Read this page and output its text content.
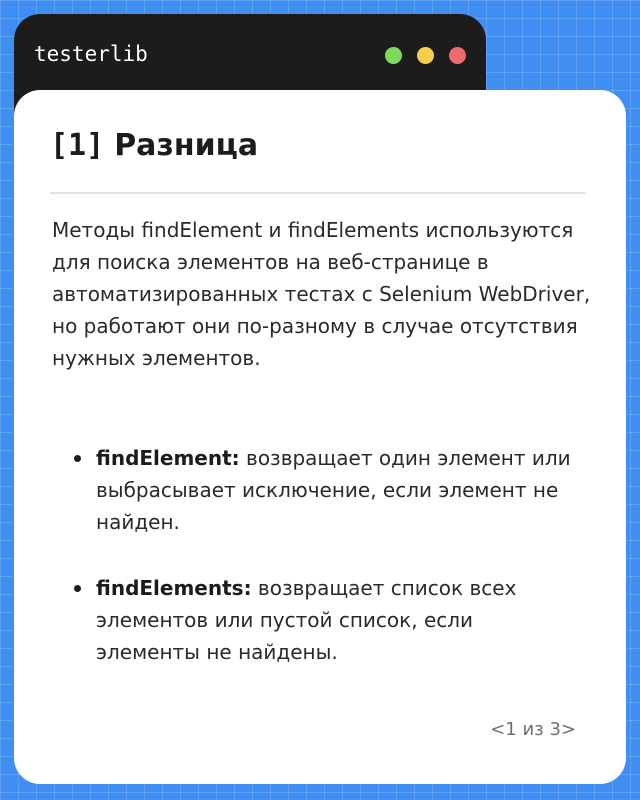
testerlib
[1] Разница

Методы findElement и findElements используются для поиска элементов на веб-странице в автоматизированных тестах с Selenium WebDriver, но работают они по-разному в случае отсутствия нужных элементов.

findElement: возвращает один элемент или выбрасывает исключение, если элемент не найден.
findElements: возвращает список всех элементов или пустой список, если элементы не найдены.
<1 из 3>
